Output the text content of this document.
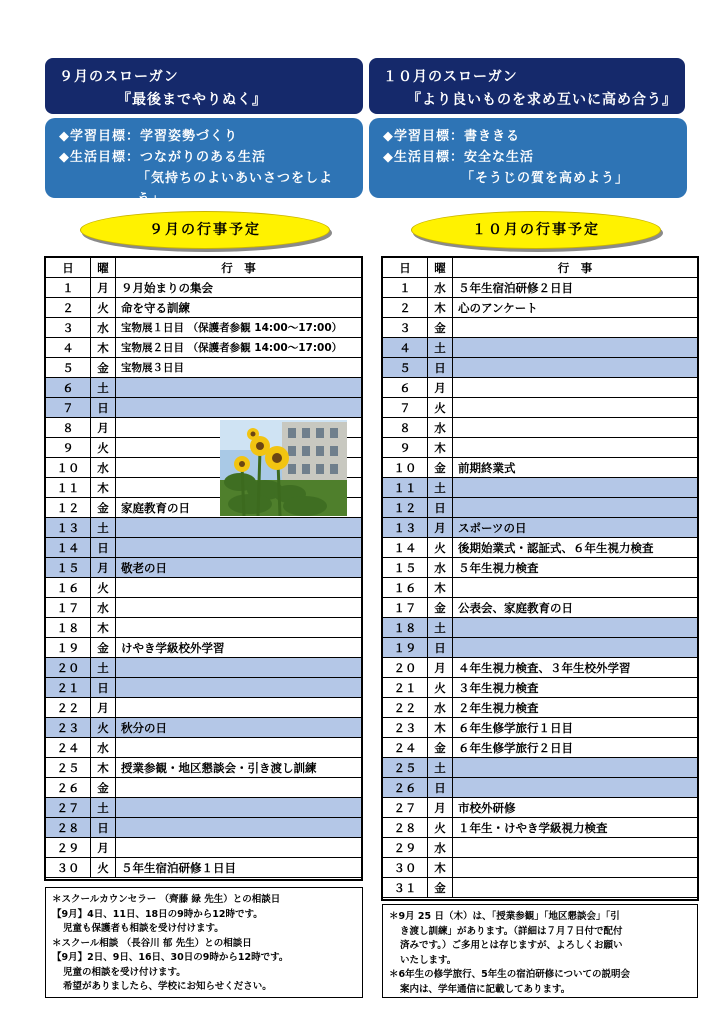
９月のスローガン
『最後までやりぬく』
１０月のスローガン
『より良いものを求め互いに高め合う』
◆学習目標：学習姿勢づくり
◆生活目標：つながりのある生活
「気持ちのよいあいさつをしよう」
◆学習目標：書ききる
◆生活目標：安全な生活
「そうじの質を高めよう」
９月の行事予定	１０月の行事予定
日	曜	行　事
１	月	９月始まりの集会
２	火	命を守る訓練
３	水	宝物展１日目 （保護者参観 14:00～17:00）
４	木	宝物展２日目 （保護者参観 14:00～17:00）
５	金	宝物展３日目
６	土	
７	日	
８	月	
９	火	
１０	水	
１１	木	
１２	金	家庭教育の日
１３	土	
１４	日	
１５	月	敬老の日
１６	火	
１７	水	
１８	木	
１９	金	けやき学級校外学習
２０	土	
２１	日	
２２	月	
２３	火	秋分の日
２４	水	
２５	木	授業参観・地区懇談会・引き渡し訓練
２６	金	
２７	土	
２８	日	
２９	月	
３０	火	５年生宿泊研修１日目
日	曜	行　事
１	水	５年生宿泊研修２日目
２	木	心のアンケート
３	金	
４	土	
５	日	
６	月	
７	火	
８	水	
９	木	
１０	金	前期終業式
１１	土	
１２	日	
１３	月	スポーツの日
１４	火	後期始業式・認証式、６年生視力検査
１５	水	５年生視力検査
１６	木	
１７	金	公表会、家庭教育の日
１８	土	
１９	日	
２０	月	４年生視力検査、３年生校外学習
２１	火	３年生視力検査
２２	水	２年生視力検査
２３	木	６年生修学旅行１日目
２４	金	６年生修学旅行２日目
２５	土	
２６	日	
２７	月	市校外研修
２８	火	１年生・けやき学級視力検査
２９	水	
３０	木	
３１	金	
＊スクールカウンセラー （齊藤 緑 先生）との相談日
【9月】4日、11日、18日の9時から12時です。
児童も保護者も相談を受け付けます。
＊スクール相談 （長谷川 郁 先生）との相談日
【9月】2日、9日、16日、30日の9時から12時です。
児童の相談を受け付けます。
希望がありましたら、学校にお知らせください。
＊9月 25 日（木）は、「授業参観」「地区懇談会」「引
き渡し訓練」があります。（詳細は７月７日付で配付
済みです。）ご多用とは存じますが、よろしくお願い
いたします。
＊6年生の修学旅行、5年生の宿泊研修についての説明会
案内は、学年通信に記載してあります。
